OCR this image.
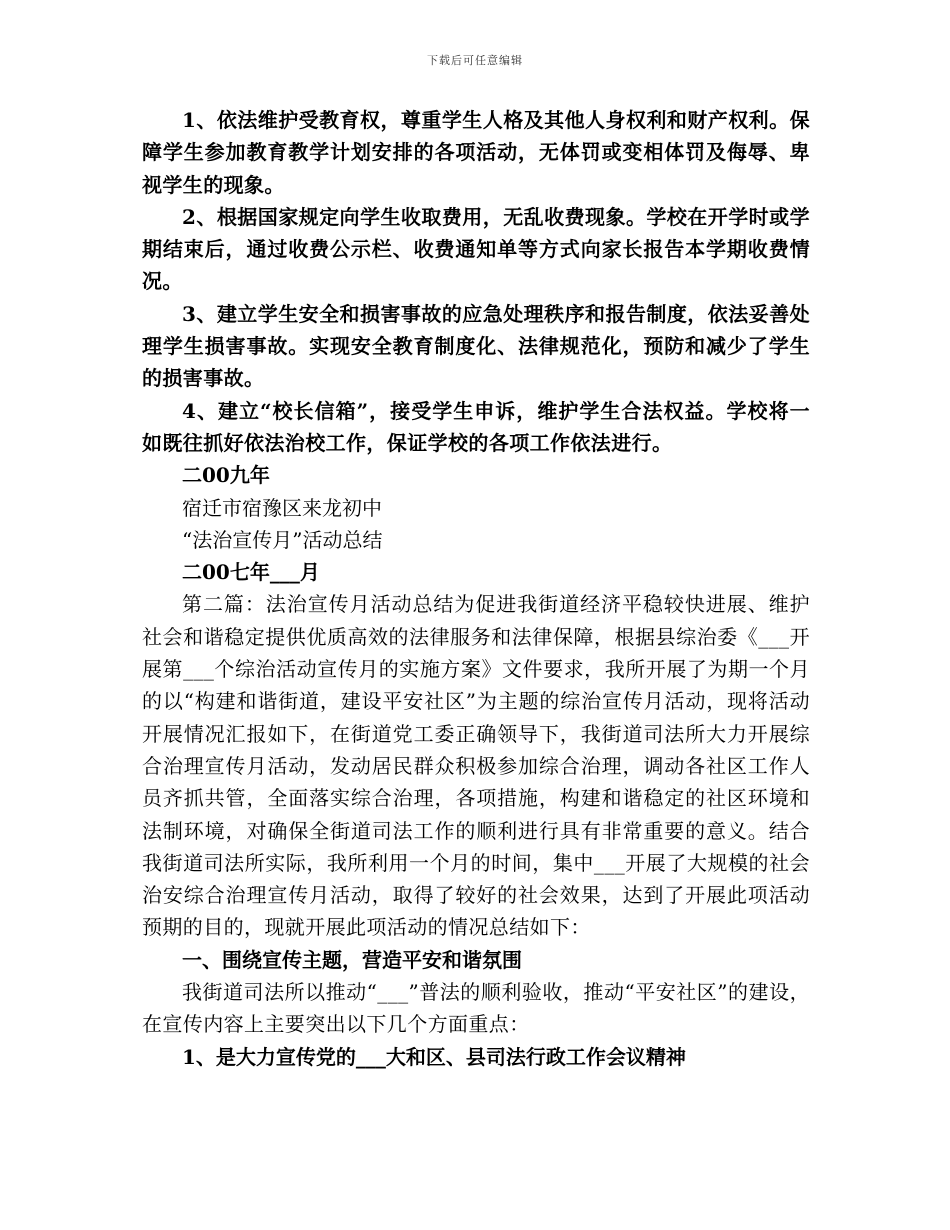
下载后可任意编辑

1、依法维护受教育权，尊重学生人格及其他人身权利和财产权利。保障学生参加教育教学计划安排的各项活动，无体罚或变相体罚及侮辱、卑视学生的现象。

2、根据国家规定向学生收取费用，无乱收费现象。学校在开学时或学期结束后，通过收费公示栏、收费通知单等方式向家长报告本学期收费情况。

3、建立学生安全和损害事故的应急处理秩序和报告制度，依法妥善处理学生损害事故。实现安全教育制度化、法律规范化，预防和减少了学生的损害事故。

4、建立“校长信箱”，接受学生申诉，维护学生合法权益。学校将一如既往抓好依法治校工作，保证学校的各项工作依法进行。

二00九年

宿迁市宿豫区来龙初中

“法治宣传月”活动总结

二00七年___月

第二篇：法治宣传月活动总结为促进我街道经济平稳较快进展、维护社会和谐稳定提供优质高效的法律服务和法律保障，根据县综治委《___开展第___个综治活动宣传月的实施方案》文件要求，我所开展了为期一个月的以“构建和谐街道，建设平安社区”为主题的综治宣传月活动，现将活动开展情况汇报如下，在街道党工委正确领导下，我街道司法所大力开展综合治理宣传月活动，发动居民群众积极参加综合治理，调动各社区工作人员齐抓共管，全面落实综合治理，各项措施，构建和谐稳定的社区环境和法制环境，对确保全街道司法工作的顺利进行具有非常重要的意义。结合我街道司法所实际，我所利用一个月的时间，集中___开展了大规模的社会治安综合治理宣传月活动，取得了较好的社会效果，达到了开展此项活动预期的目的，现就开展此项活动的情况总结如下：

一、围绕宣传主题，营造平安和谐氛围

我街道司法所以推动“___”普法的顺利验收，推动“平安社区”的建设，在宣传内容上主要突出以下几个方面重点：

1、是大力宣传党的___大和区、县司法行政工作会议精神
